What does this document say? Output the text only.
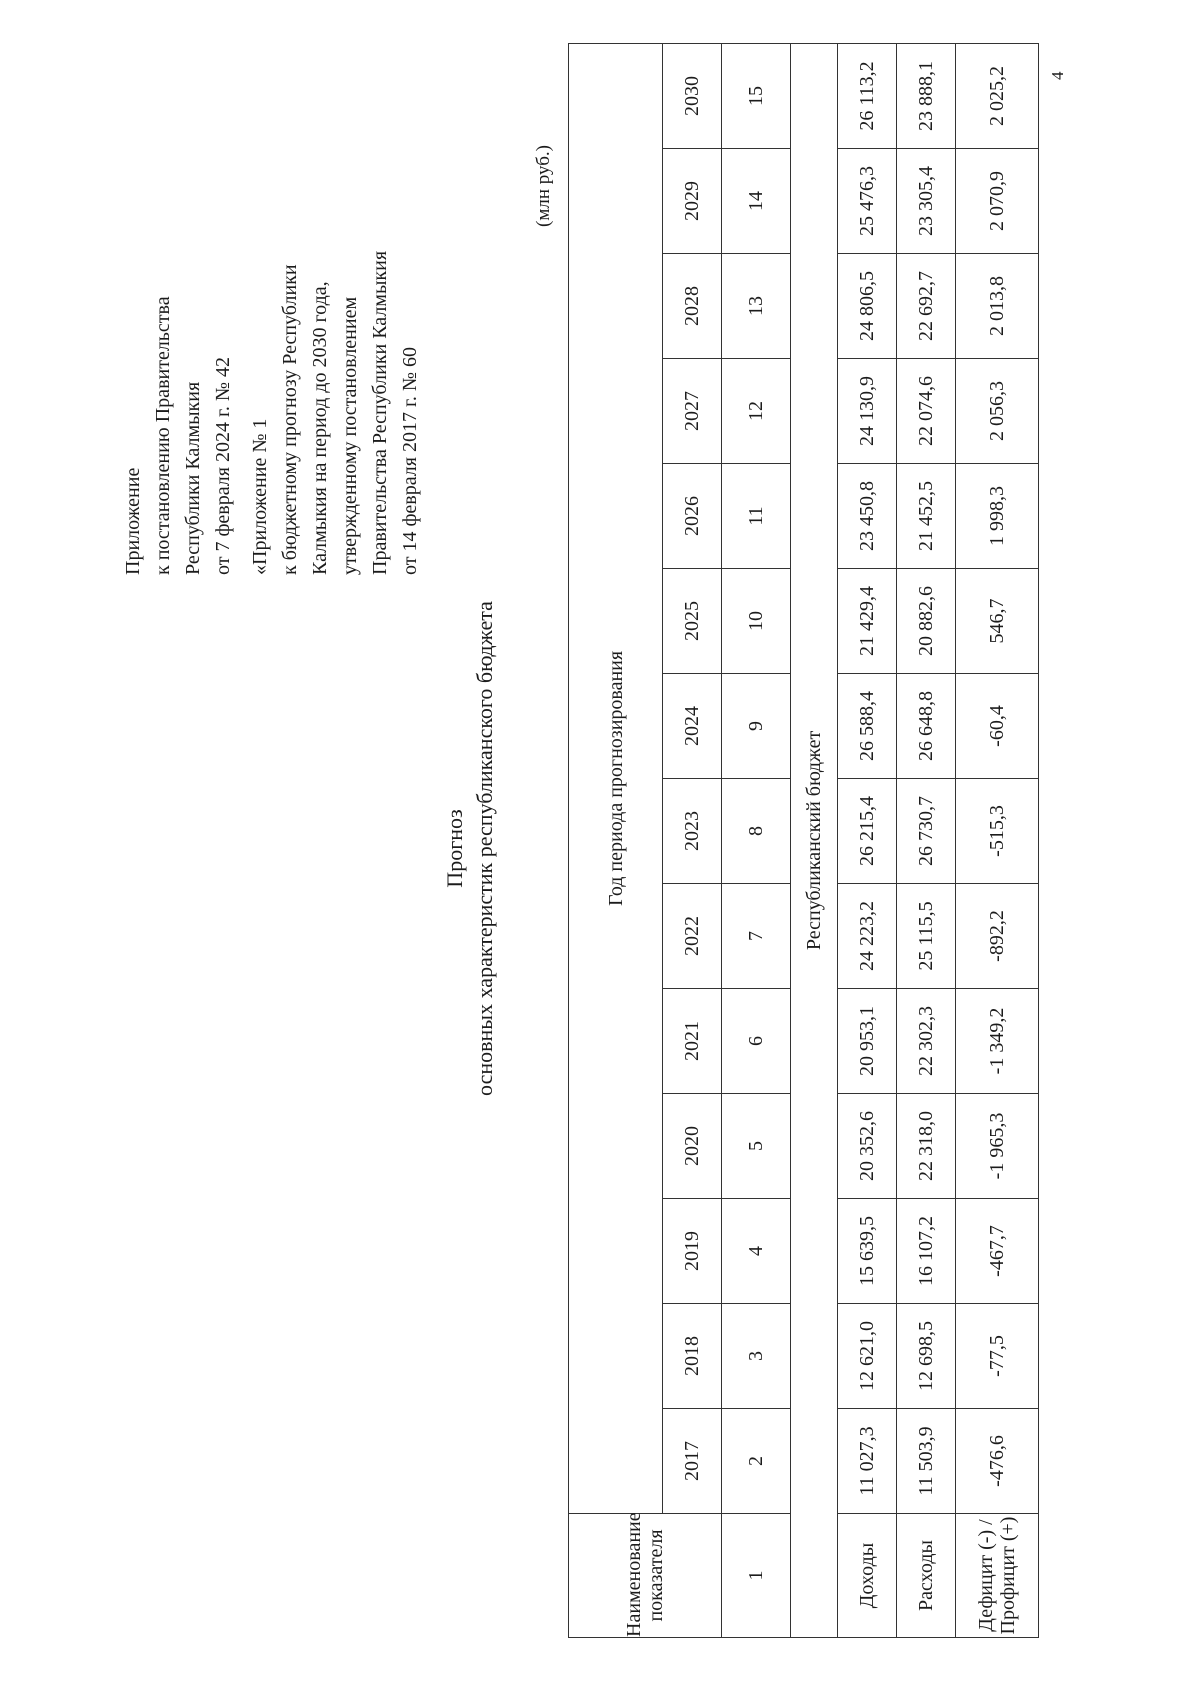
Приложение к постановлению Правительства Республики Калмыкия от 7 февраля 2024 г. № 42 «Приложение № 1 к бюджетному прогнозу Республики Калмыкия на период до 2030 года, утвержденному постановлением Правительства Республики Калмыкия от 14 февраля 2017 г. № 60
Прогноз основных характеристик республиканского бюджета
(млн руб.)
Наименование показателя	Год периода прогнозирования													
	2017	2018	2019	2020	2021	2022	2023	2024	2025	2026	2027	2028	2029	2030
1	2	3	4	5	6	7	8	9	10	11	12	13	14	15
Республиканский бюджет														
Доходы	11 027,3	12 621,0	15 639,5	20 352,6	20 953,1	24 223,2	26 215,4	26 588,4	21 429,4	23 450,8	24 130,9	24 806,5	25 476,3	26 113,2
Расходы	11 503,9	12 698,5	16 107,2	22 318,0	22 302,3	25 115,5	26 730,7	26 648,8	20 882,6	21 452,5	22 074,6	22 692,7	23 305,4	23 888,1
Дефицит (-) / Профицит (+)	-476,6	-77,5	-467,7	-1 965,3	-1 349,2	-892,2	-515,3	-60,4	546,7	1 998,3	2 056,3	2 013,8	2 070,9	2 025,2 4
